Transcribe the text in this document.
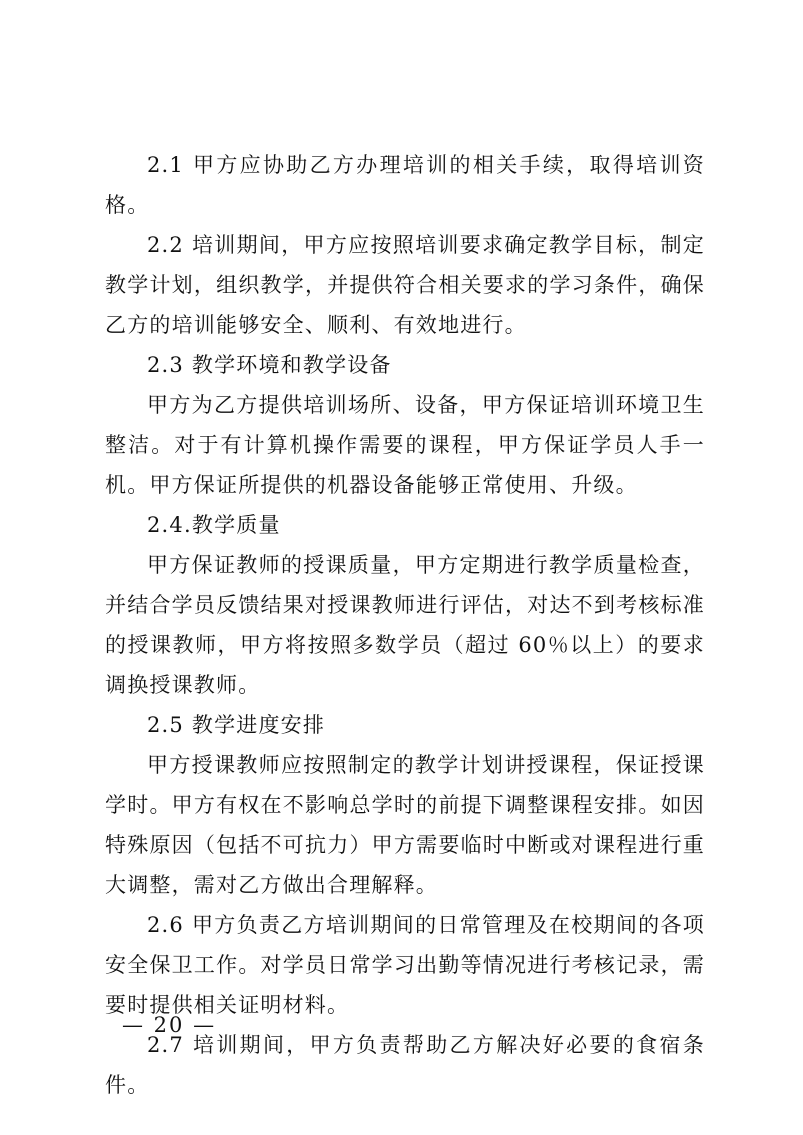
2.1 甲方应协助乙方办理培训的相关手续，取得培训资格。

2.2 培训期间，甲方应按照培训要求确定教学目标，制定教学计划，组织教学，并提供符合相关要求的学习条件，确保乙方的培训能够安全、顺利、有效地进行。

2.3 教学环境和教学设备

甲方为乙方提供培训场所、设备，甲方保证培训环境卫生整洁。对于有计算机操作需要的课程，甲方保证学员人手一机。甲方保证所提供的机器设备能够正常使用、升级。

2.4.教学质量

甲方保证教师的授课质量，甲方定期进行教学质量检查，并结合学员反馈结果对授课教师进行评估，对达不到考核标准的授课教师，甲方将按照多数学员（超过 60％以上）的要求调换授课教师。

2.5 教学进度安排

甲方授课教师应按照制定的教学计划讲授课程，保证授课学时。甲方有权在不影响总学时的前提下调整课程安排。如因特殊原因（包括不可抗力）甲方需要临时中断或对课程进行重大调整，需对乙方做出合理解释。

2.6 甲方负责乙方培训期间的日常管理及在校期间的各项安全保卫工作。对学员日常学习出勤等情况进行考核记录，需要时提供相关证明材料。

2.7 培训期间，甲方负责帮助乙方解决好必要的食宿条件。

— 20 —
